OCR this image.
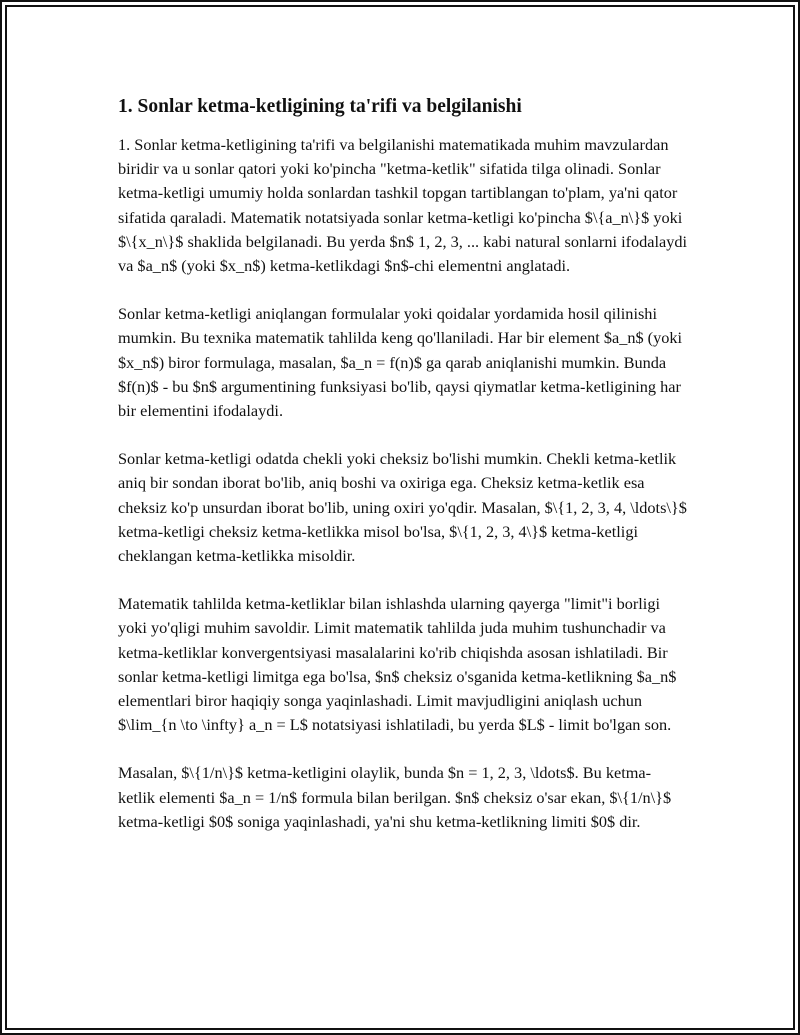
1. Sonlar ketma-ketligining ta'rifi va belgilanishi

1. Sonlar ketma-ketligining ta'rifi va belgilanishi matematikada muhim mavzulardan biridir va u sonlar qatori yoki ko'pincha "ketma-ketlik" sifatida tilga olinadi. Sonlar ketma-ketligi umumiy holda sonlardan tashkil topgan tartiblangan to'plam, ya'ni qator sifatida qaraladi. Matematik notatsiyada sonlar ketma-ketligi ko'pincha $\{a_n\}$ yoki $\{x_n\}$ shaklida belgilanadi. Bu yerda $n$ 1, 2, 3, ... kabi natural sonlarni ifodalaydi va $a_n$ (yoki $x_n$) ketma-ketlikdagi $n$-chi elementni anglatadi.

Sonlar ketma-ketligi aniqlangan formulalar yoki qoidalar yordamida hosil qilinishi mumkin. Bu texnika matematik tahlilda keng qo'llaniladi. Har bir element $a_n$ (yoki $x_n$) biror formulaga, masalan, $a_n = f(n)$ ga qarab aniqlanishi mumkin. Bunda $f(n)$ - bu $n$ argumentining funksiyasi bo'lib, qaysi qiymatlar ketma-ketligining har bir elementini ifodalaydi.

Sonlar ketma-ketligi odatda chekli yoki cheksiz bo'lishi mumkin. Chekli ketma-ketlik aniq bir sondan iborat bo'lib, aniq boshi va oxiriga ega. Cheksiz ketma-ketlik esa cheksiz ko'p unsurdan iborat bo'lib, uning oxiri yo'qdir. Masalan, $\{1, 2, 3, 4, \ldots\}$ ketma-ketligi cheksiz ketma-ketlikka misol bo'lsa, $\{1, 2, 3, 4\}$ ketma-ketligi cheklangan ketma-ketlikka misoldir.

Matematik tahlilda ketma-ketliklar bilan ishlashda ularning qayerga "limit"i borligi yoki yo'qligi muhim savoldir. Limit matematik tahlilda juda muhim tushunchadir va ketma-ketliklar konvergentsiyasi masalalarini ko'rib chiqishda asosan ishlatiladi. Bir sonlar ketma-ketligi limitga ega bo'lsa, $n$ cheksiz o'sganida ketma-ketlikning $a_n$ elementlari biror haqiqiy songa yaqinlashadi. Limit mavjudligini aniqlash uchun $\lim_{n \to \infty} a_n = L$ notatsiyasi ishlatiladi, bu yerda $L$ - limit bo'lgan son.

Masalan, $\{1/n\}$ ketma-ketligini olaylik, bunda $n = 1, 2, 3, \ldots$. Bu ketma-ketlik elementi $a_n = 1/n$ formula bilan berilgan. $n$ cheksiz o'sar ekan, $\{1/n\}$ ketma-ketligi $0$ soniga yaqinlashadi, ya'ni shu ketma-ketlikning limiti $0$ dir.
